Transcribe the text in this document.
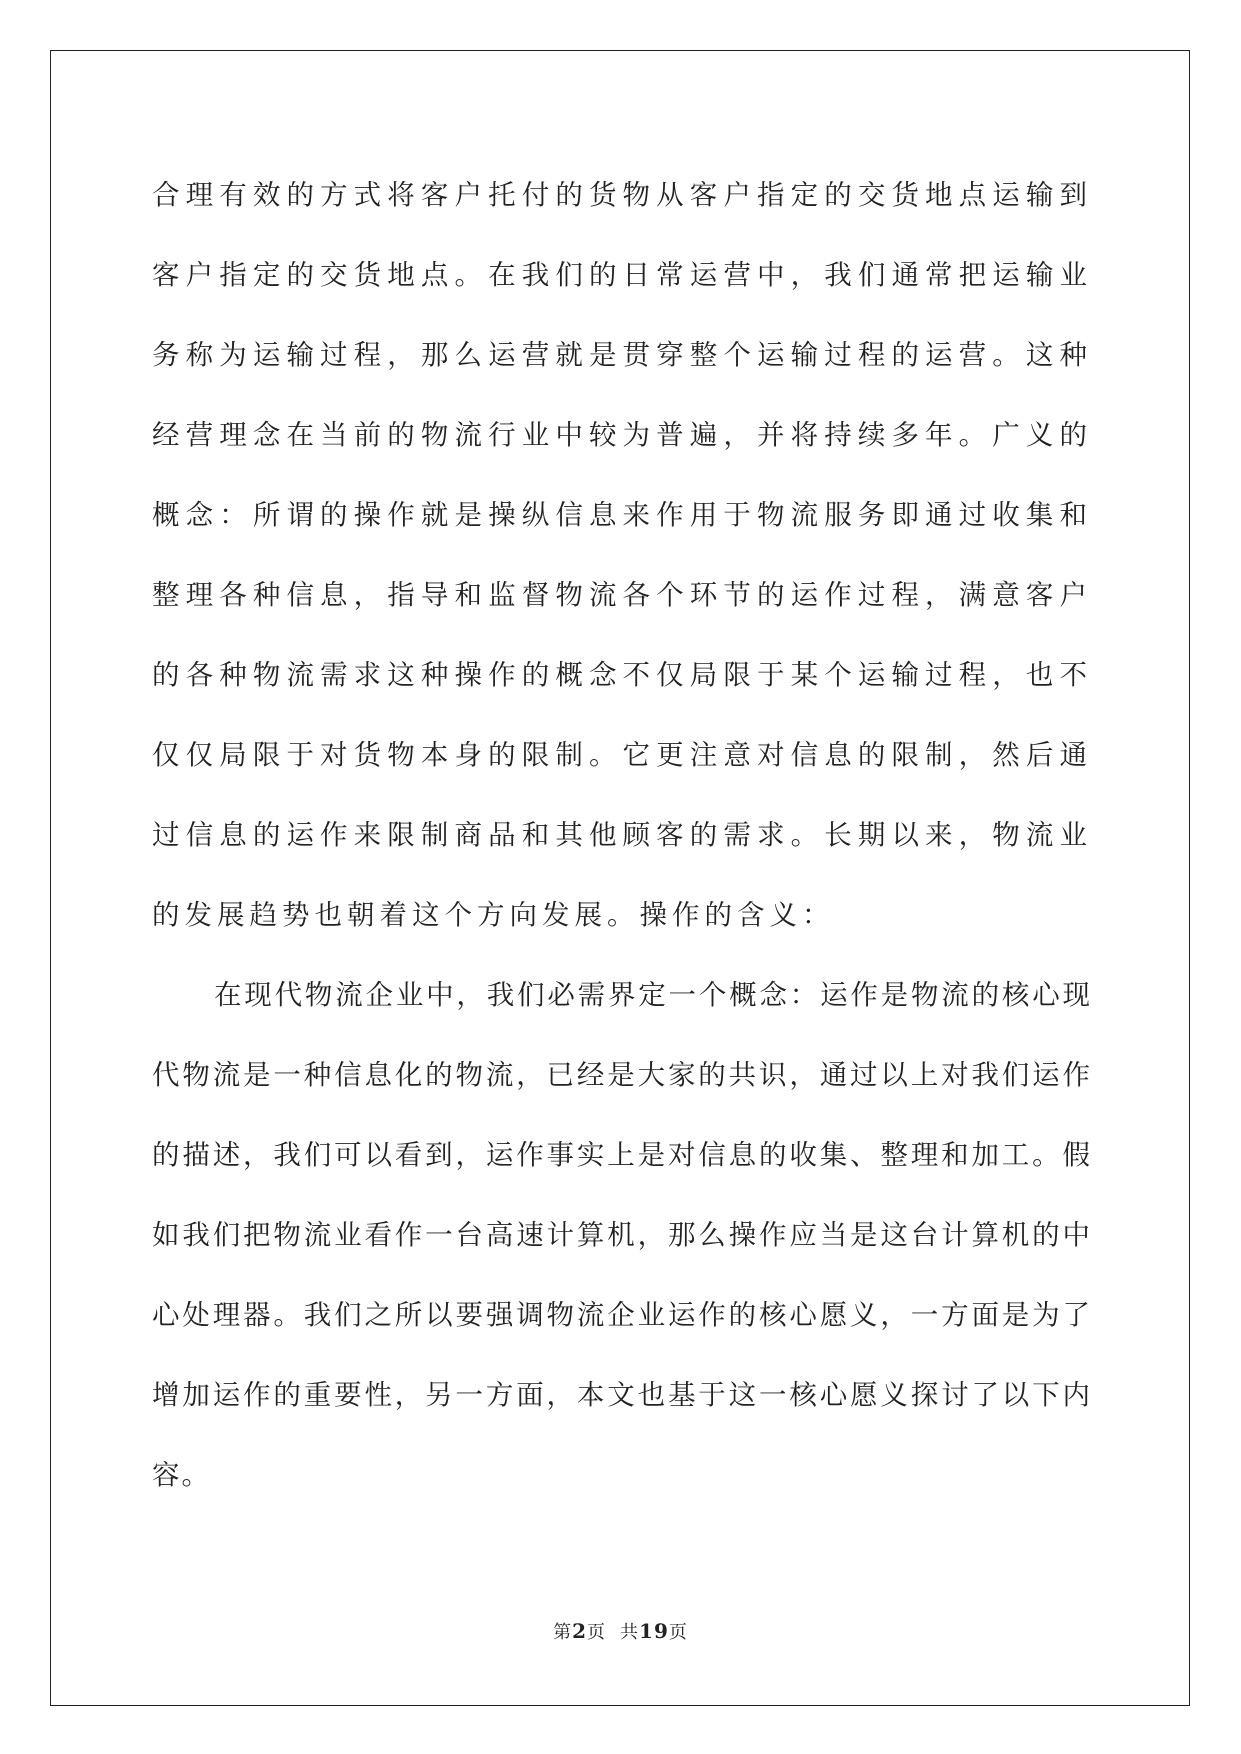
合理有效的方式将客户托付的货物从客户指定的交货地点运输到客户指定的交货地点。在我们的日常运营中，我们通常把运输业务称为运输过程，那么运营就是贯穿整个运输过程的运营。这种经营理念在当前的物流行业中较为普遍，并将持续多年。广义的概念：所谓的操作就是操纵信息来作用于物流服务即通过收集和整理各种信息，指导和监督物流各个环节的运作过程，满意客户的各种物流需求这种操作的概念不仅局限于某个运输过程，也不仅仅局限于对货物本身的限制。它更注意对信息的限制，然后通过信息的运作来限制商品和其他顾客的需求。长期以来，物流业的发展趋势也朝着这个方向发展。操作的含义：

在现代物流企业中，我们必需界定一个概念：运作是物流的核心现代物流是一种信息化的物流，已经是大家的共识，通过以上对我们运作的描述，我们可以看到，运作事实上是对信息的收集、整理和加工。假如我们把物流业看作一台高速计算机，那么操作应当是这台计算机的中心处理器。我们之所以要强调物流企业运作的核心愿义，一方面是为了增加运作的重要性，另一方面，本文也基于这一核心愿义探讨了以下内容。

第2页 共19页
